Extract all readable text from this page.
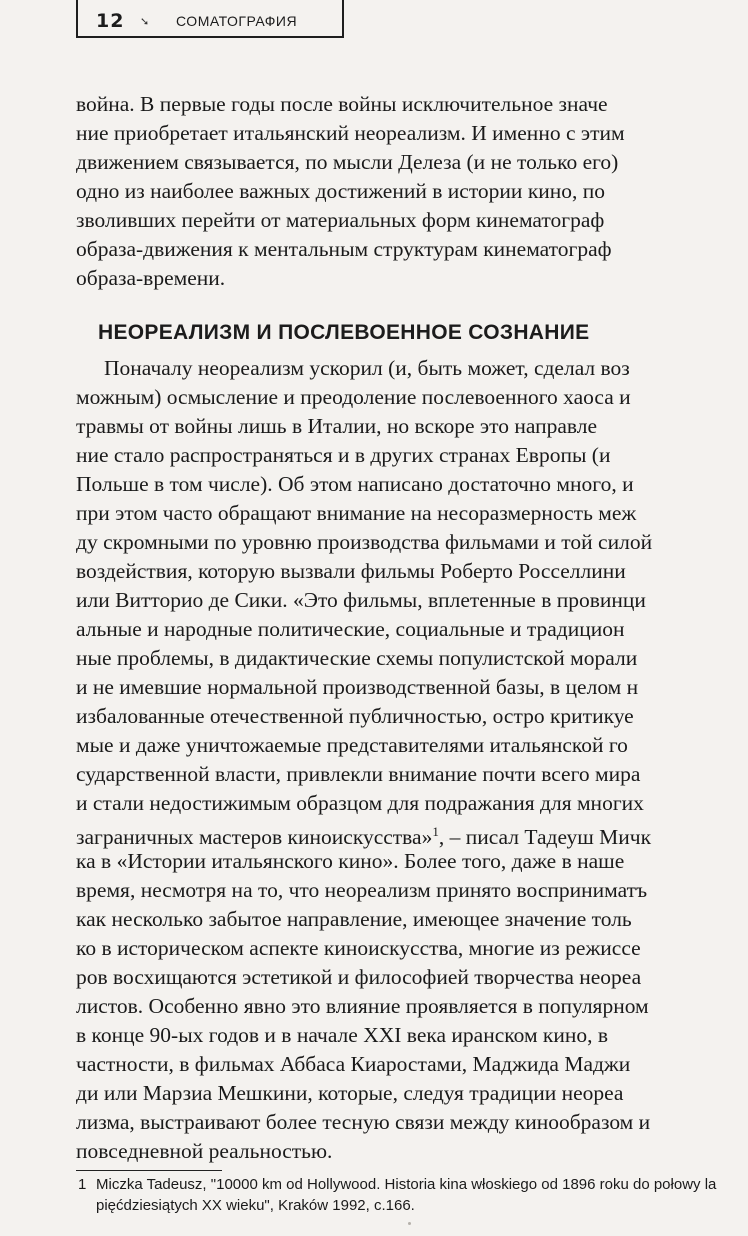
12 ➘ СОМАТОГРАФИЯ
война. В первые годы после войны исключительное значе
ние приобретает итальянский неореализм. И именно с этим
движением связывается, по мысли Делеза (и не только его)
одно из наиболее важных достижений в истории кино, по
зволивших перейти от материальных форм кинематограф
образа-движения к ментальным структурам кинематограф
образа-времени.
НЕОРЕАЛИЗМ И ПОСЛЕВОЕННОЕ СОЗНАНИЕ
Поначалу неореализм ускорил (и, быть может, сделал воз
можным) осмысление и преодоление послевоенного хаоса и
травмы от войны лишь в Италии, но вскоре это направле
ние стало распространяться и в других странах Европы (и
Польше в том числе). Об этом написано достаточно много, и
при этом часто обращают внимание на несоразмерность меж
ду скромными по уровню производства фильмами и той силой
воздействия, которую вызвали фильмы Роберто Росселлини
или Витторио де Сики. «Это фильмы, вплетенные в провинци
альные и народные политические, социальные и традицион
ные проблемы, в дидактические схемы популистской морали
и не имевшие нормальной производственной базы, в целом н
избалованные отечественной публичностью, остро критикуе
мые и даже уничтожаемые представителями итальянской го
сударственной власти, привлекли внимание почти всего мира
и стали недостижимым образцом для подражания для многих
заграничных мастеров киноискусства»$^1$, – писал Тадеуш Мичк
ка в «Истории итальянского кино». Более того, даже в наше
время, несмотря на то, что неореализм принято восприниматъ
как несколько забытое направление, имеющее значение толь
ко в историческом аспекте киноискусства, многие из режиссе
ров восхищаются эстетикой и философией творчества неореа
листов. Особенно явно это влияние проявляется в популярном
в конце 90-ых годов и в начале XXI века иранском кино, в
частности, в фильмах Аббаса Киаростами, Маджида Маджи
ди или Марзиа Мешкини, которые, следуя традиции неореа
лизма, выстраивают более тесную связи между кинообразом и
повседневной реальностью.
1 Miczka Tadeusz, "10000 km od Hollywood. Historia kina włoskiego od 1896 roku do połowy la
pięćdziesiątych XX wieku", Kraków 1992, c.166.
